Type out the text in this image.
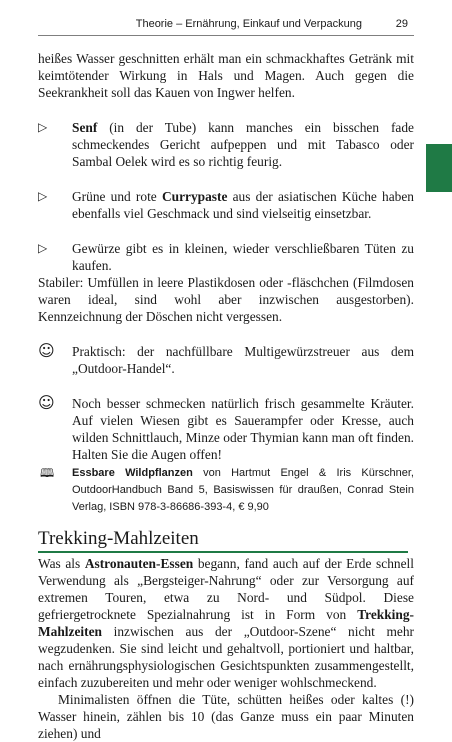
Theorie – Ernährung, Einkauf und Verpackung	29

heißes Wasser geschnitten erhält man ein schmackhaftes Getränk mit keimtötender Wirkung in Hals und Magen. Auch gegen die Seekrankheit soll das Kauen von Ingwer helfen.

▷	Senf (in der Tube) kann manches ein bisschen fade schmeckendes Gericht aufpeppen und mit Tabasco oder Sambal Oelek wird es so richtig feurig.

▷	Grüne und rote Currypaste aus der asiatischen Küche haben ebenfalls viel Geschmack und sind vielseitig einsetzbar.

▷	Gewürze gibt es in kleinen, wieder verschließbaren Tüten zu kaufen.

Stabiler: Umfüllen in leere Plastikdosen oder -fläschchen (Filmdosen waren ideal, sind wohl aber inzwischen ausgestorben). Kennzeichnung der Döschen nicht vergessen.

☺ Praktisch: der nachfüllbare Multigewürzstreuer aus dem „Outdoor-Handel“.

☺ Noch besser schmecken natürlich frisch gesammelte Kräuter. Auf vielen Wiesen gibt es Sauerampfer oder Kresse, auch wilden Schnittlauch, Minze oder Thymian kann man oft finden. Halten Sie die Augen offen!

🕮 Essbare Wildpflanzen von Hartmut Engel & Iris Kürschner, OutdoorHandbuch Band 5, Basiswissen für draußen, Conrad Stein Verlag, ISBN 978-3-86686-393-4, € 9,90

Trekking-Mahlzeiten

Was als Astronauten-Essen begann, fand auch auf der Erde schnell Verwendung als „Bergsteiger-Nahrung“ oder zur Versorgung auf extremen Touren, etwa zu Nord- und Südpol. Diese gefriergetrocknete Spezialnahrung ist in Form von Trekking-Mahlzeiten inzwischen aus der „Outdoor-Szene“ nicht mehr wegzudenken. Sie sind leicht und gehaltvoll, portioniert und haltbar, nach ernährungsphysiologischen Gesichtspunkten zusammengestellt, einfach zuzubereiten und mehr oder weniger wohlschmeckend.

Minimalisten öffnen die Tüte, schütten heißes oder kaltes (!) Wasser hinein, zählen bis 10 (das Ganze muss ein paar Minuten ziehen) und
